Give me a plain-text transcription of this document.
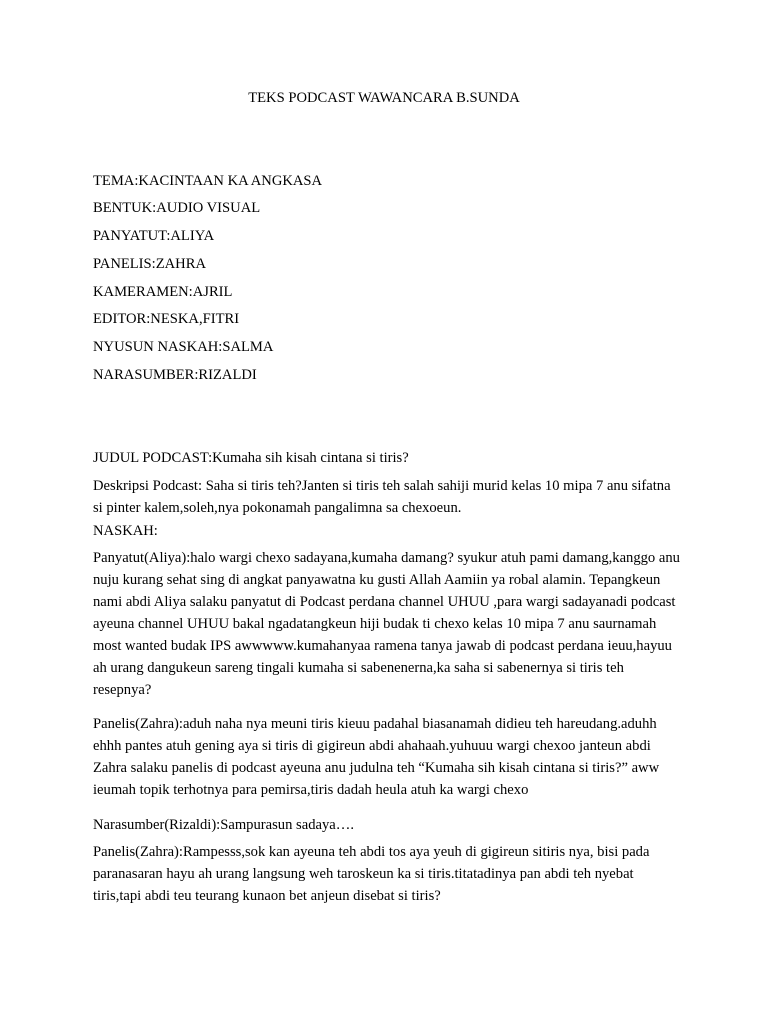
TEKS PODCAST WAWANCARA B.SUNDA

TEMA:KACINTAAN KA ANGKASA

BENTUK:AUDIO VISUAL

PANYATUT:ALIYA

PANELIS:ZAHRA

KAMERAMEN:AJRIL

EDITOR:NESKA,FITRI

NYUSUN NASKAH:SALMA

NARASUMBER:RIZALDI

JUDUL PODCAST:Kumaha sih kisah cintana si tiris?

Deskripsi Podcast: Saha si tiris teh?Janten si tiris teh salah sahiji murid kelas 10 mipa 7 anu sifatna si pinter kalem,soleh,nya pokonamah pangalimna sa chexoeun.

NASKAH:

Panyatut(Aliya):halo wargi chexo sadayana,kumaha damang? syukur atuh pami damang,kanggo anu nuju kurang sehat sing di angkat panyawatna ku gusti Allah Aamiin ya robal alamin. Tepangkeun nami abdi Aliya salaku panyatut di Podcast perdana channel UHUU ,para wargi sadayanadi podcast ayeuna channel UHUU bakal ngadatangkeun hiji budak ti chexo kelas 10 mipa 7 anu saurnamah most wanted budak IPS awwwww.kumahanyaa ramena tanya jawab di podcast perdana ieuu,hayuu ah urang dangukeun sareng tingali kumaha si sabenenerna,ka saha si sabenernya si tiris teh resepnya?

Panelis(Zahra):aduh naha nya meuni tiris kieuu padahal biasanamah didieu teh hareudang.aduhh ehhh pantes atuh gening aya si tiris di gigireun abdi ahahaah.yuhuuu wargi chexoo janteun abdi Zahra salaku panelis di podcast ayeuna anu judulna teh “Kumaha sih kisah cintana si tiris?” aww ieumah topik terhotnya para pemirsa,tiris dadah heula atuh ka wargi chexo

Narasumber(Rizaldi):Sampurasun sadaya….

Panelis(Zahra):Rampesss,sok kan ayeuna teh abdi tos aya yeuh di gigireun sitiris nya, bisi pada paranasaran hayu ah urang langsung weh taroskeun ka si tiris.titatadinya pan abdi teh nyebat tiris,tapi abdi teu teurang kunaon bet anjeun disebat si tiris?
